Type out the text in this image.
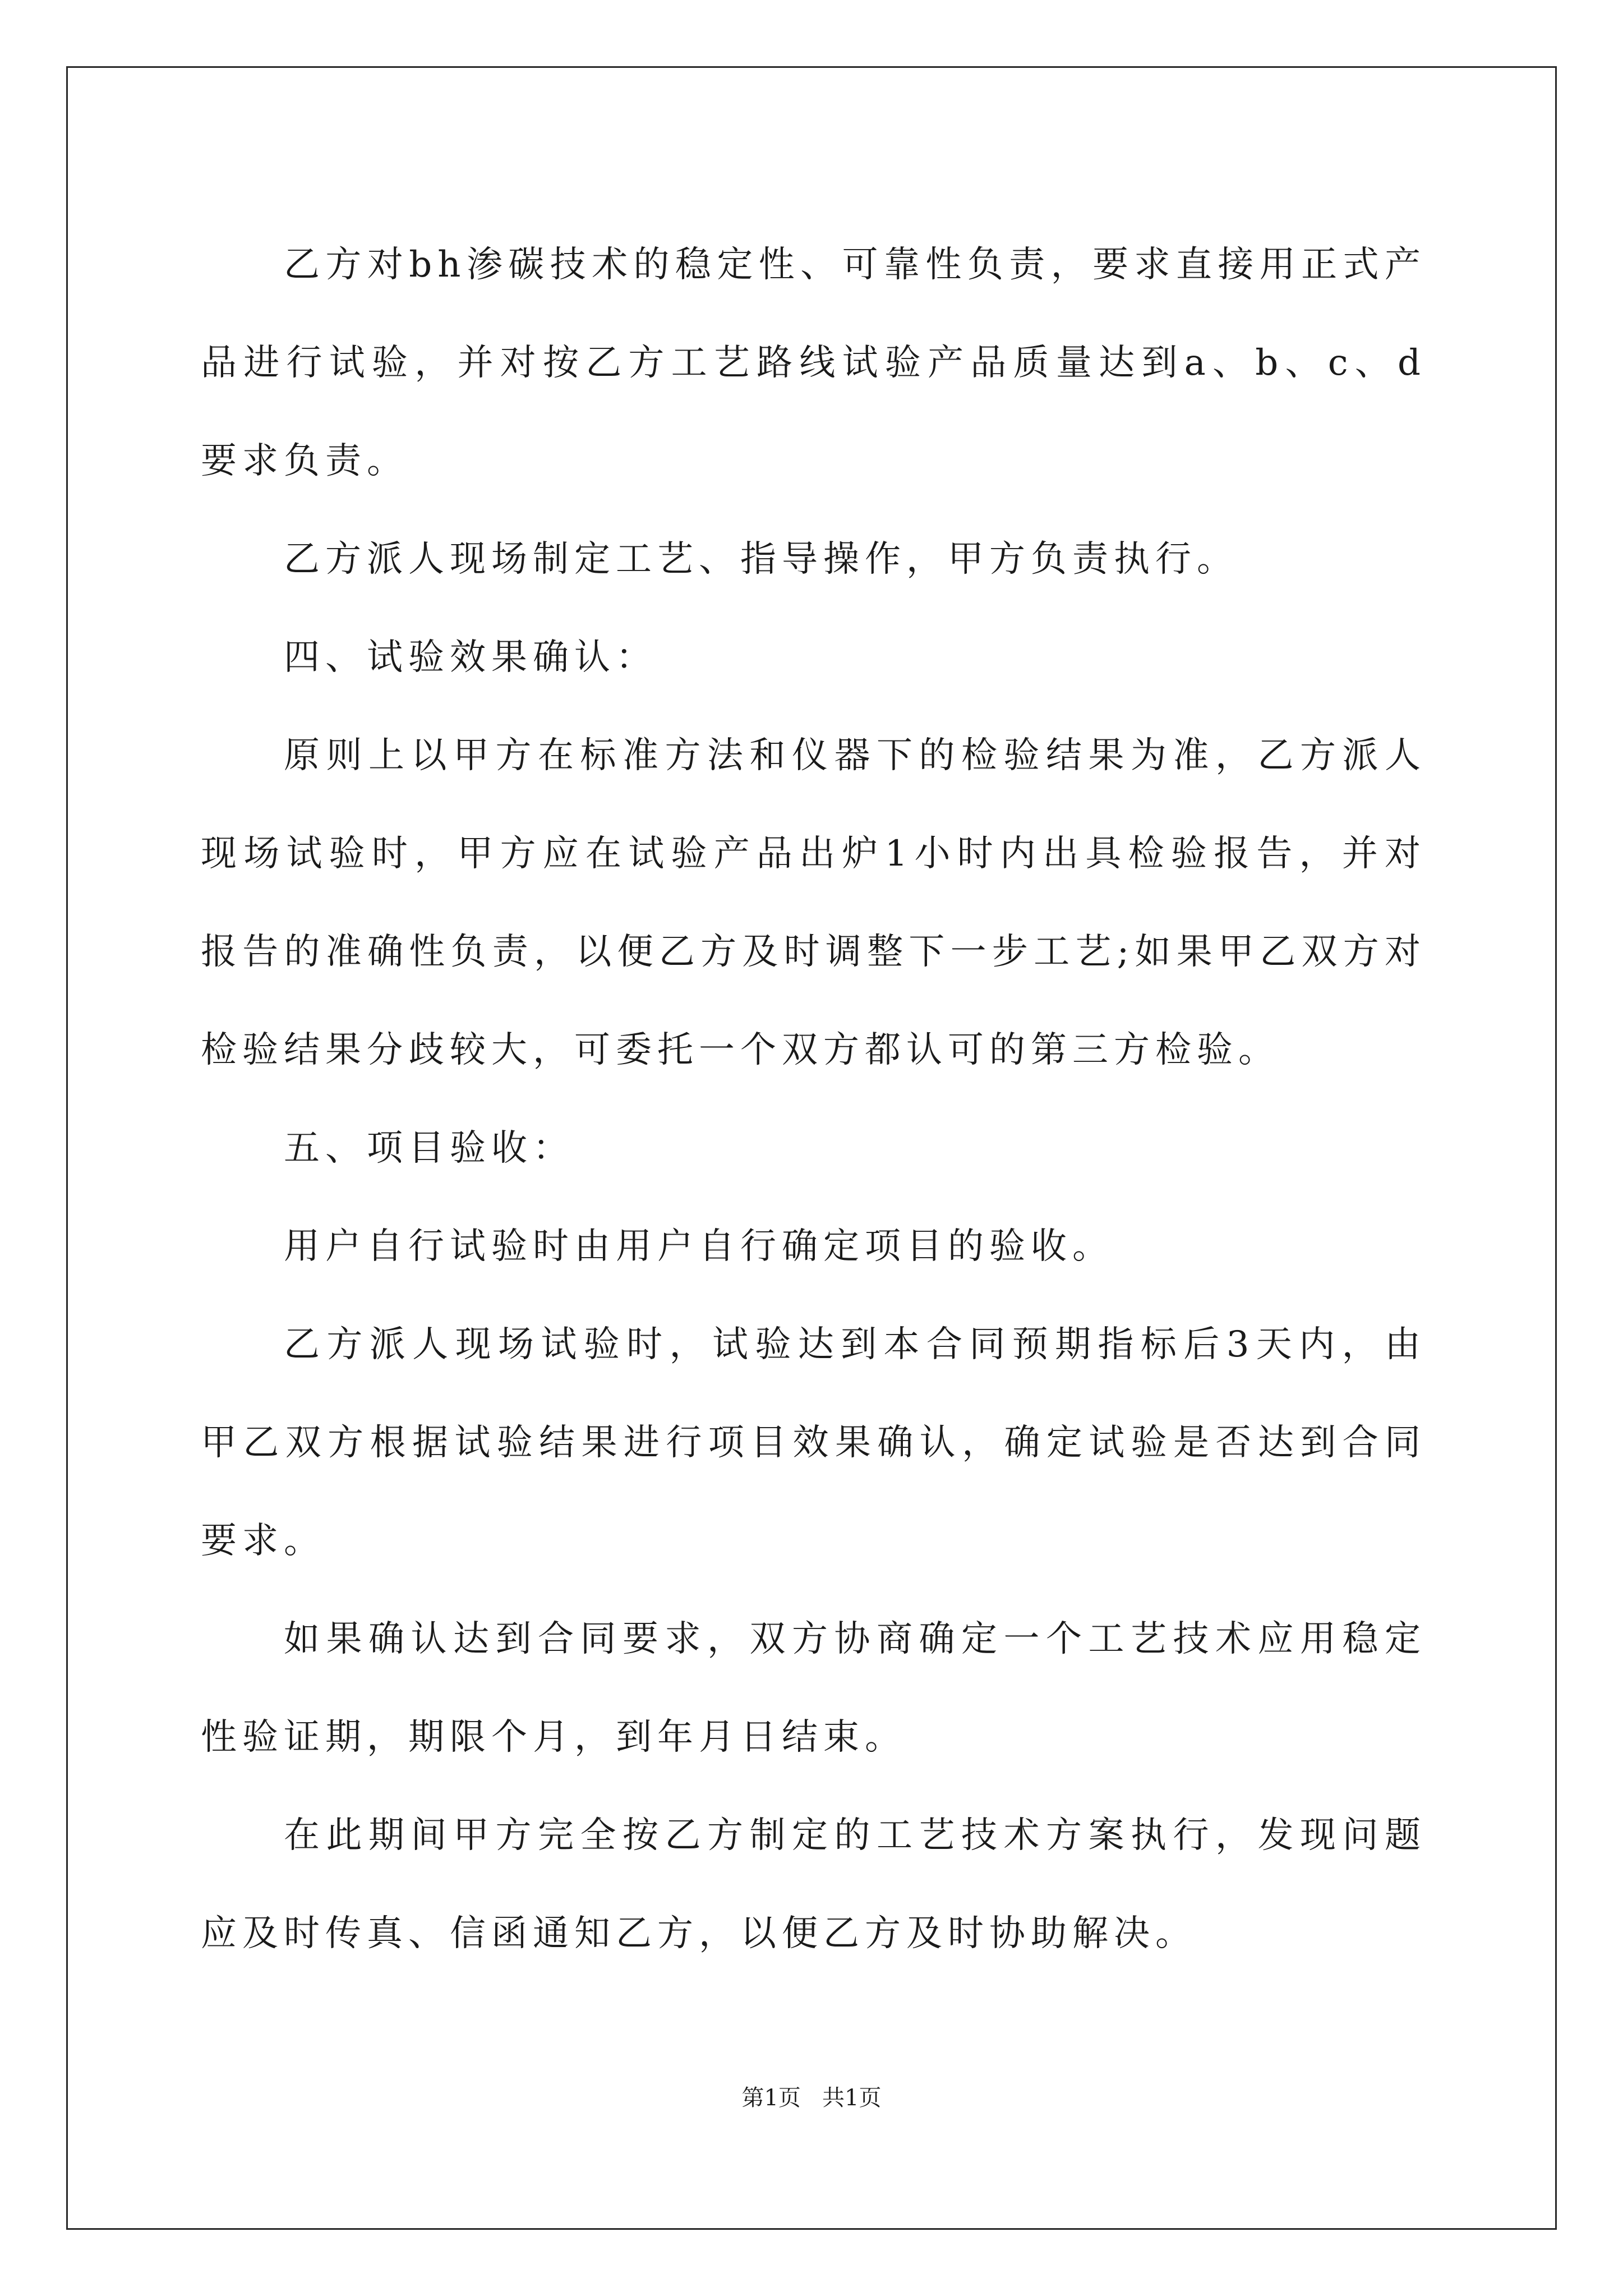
乙方对bh渗碳技术的稳定性、可靠性负责，要求直接用正式产品进行试验，并对按乙方工艺路线试验产品质量达到a、b、c、d要求负责。

乙方派人现场制定工艺、指导操作，甲方负责执行。

四、试验效果确认：

原则上以甲方在标准方法和仪器下的检验结果为准，乙方派人现场试验时，甲方应在试验产品出炉1小时内出具检验报告，并对报告的准确性负责，以便乙方及时调整下一步工艺;如果甲乙双方对检验结果分歧较大，可委托一个双方都认可的第三方检验。

五、项目验收：

用户自行试验时由用户自行确定项目的验收。

乙方派人现场试验时，试验达到本合同预期指标后3天内，由甲乙双方根据试验结果进行项目效果确认，确定试验是否达到合同要求。

如果确认达到合同要求，双方协商确定一个工艺技术应用稳定性验证期，期限个月，到年月日结束。

在此期间甲方完全按乙方制定的工艺技术方案执行，发现问题应及时传真、信函通知乙方，以便乙方及时协助解决。

第1页   共1页
